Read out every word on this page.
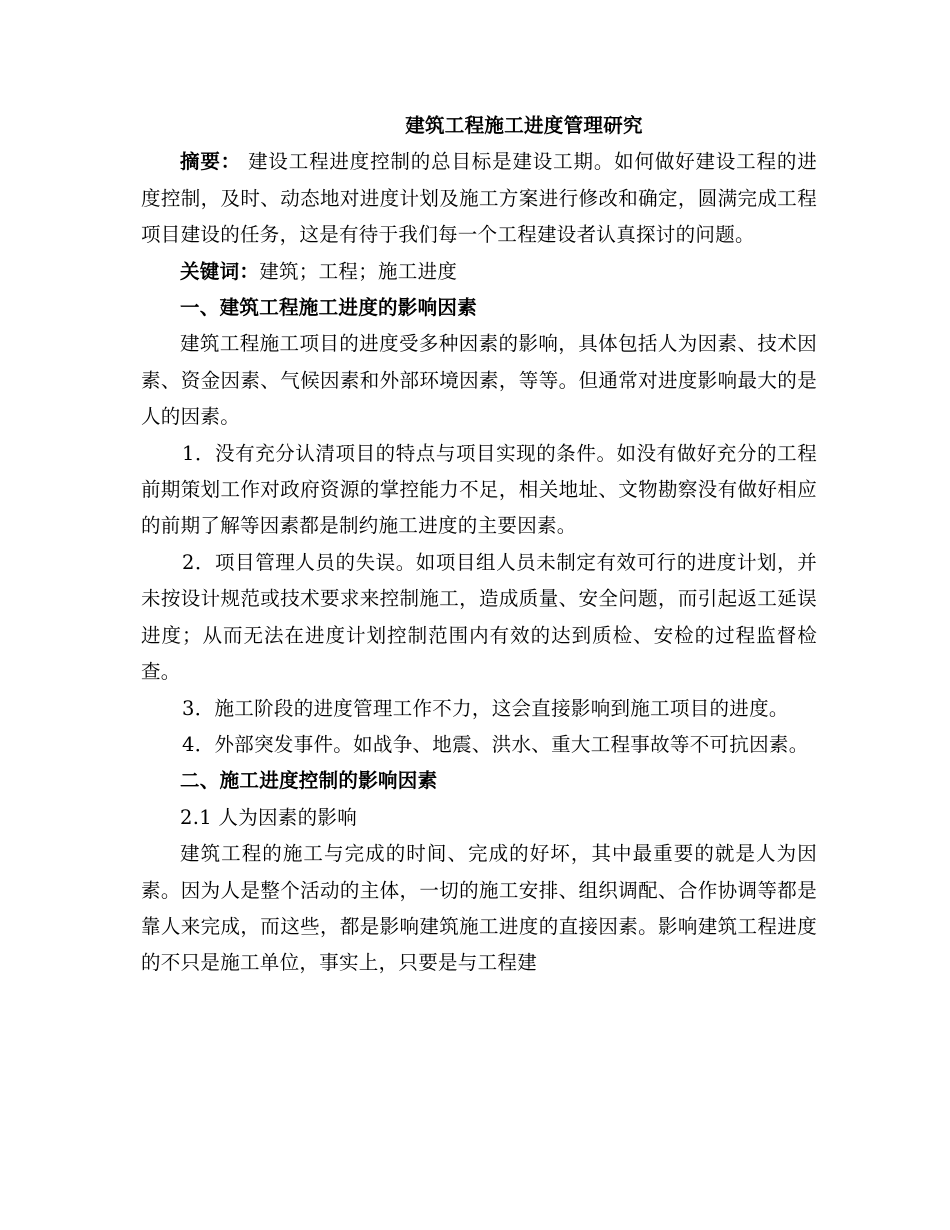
建筑工程施工进度管理研究

摘要： 建设工程进度控制的总目标是建设工期。如何做好建设工程的进度控制，及时、动态地对进度计划及施工方案进行修改和确定，圆满完成工程项目建设的任务，这是有待于我们每一个工程建设者认真探讨的问题。

关键词：建筑；工程；施工进度

一、建筑工程施工进度的影响因素

建筑工程施工项目的进度受多种因素的影响，具体包括人为因素、技术因素、资金因素、气候因素和外部环境因素，等等。但通常对进度影响最大的是人的因素。

1．没有充分认清项目的特点与项目实现的条件。如没有做好充分的工程前期策划工作对政府资源的掌控能力不足，相关地址、文物勘察没有做好相应的前期了解等因素都是制约施工进度的主要因素。

2．项目管理人员的失误。如项目组人员未制定有效可行的进度计划，并未按设计规范或技术要求来控制施工，造成质量、安全问题，而引起返工延误进度；从而无法在进度计划控制范围内有效的达到质检、安检的过程监督检查。

3．施工阶段的进度管理工作不力，这会直接影响到施工项目的进度。

4．外部突发事件。如战争、地震、洪水、重大工程事故等不可抗因素。

二、施工进度控制的影响因素

2.1 人为因素的影响

建筑工程的施工与完成的时间、完成的好坏，其中最重要的就是人为因素。因为人是整个活动的主体，一切的施工安排、组织调配、合作协调等都是靠人来完成，而这些，都是影响建筑施工进度的直接因素。影响建筑工程进度的不只是施工单位，事实上，只要是与工程建
